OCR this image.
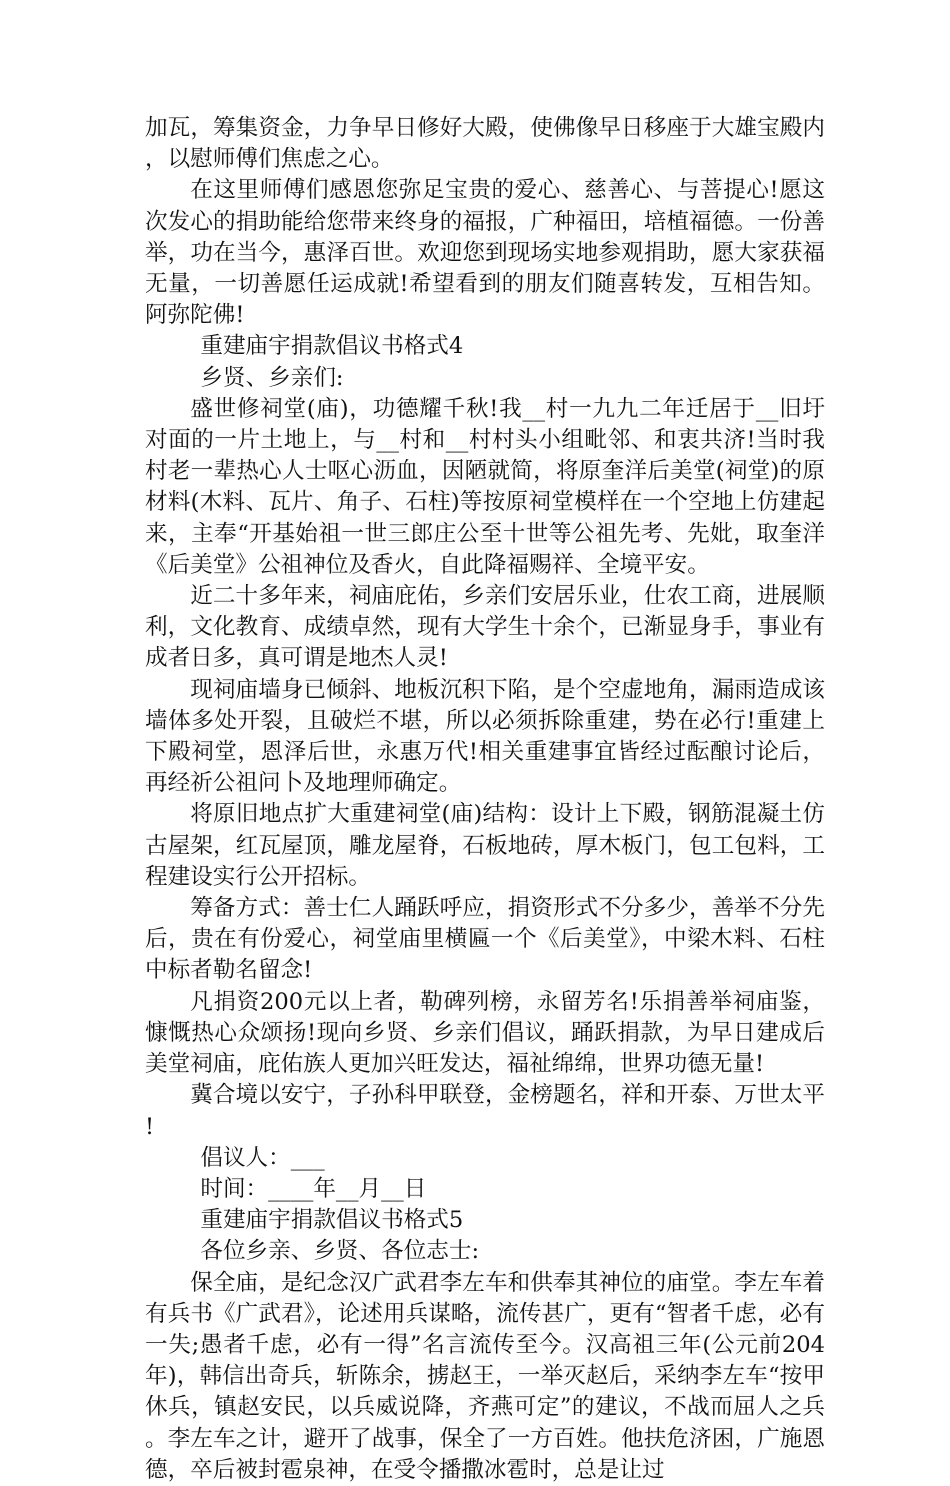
加瓦，筹集资金，力争早日修好大殿，使佛像早日移座于大雄宝殿内，以慰师傅们焦虑之心。

在这里师傅们感恩您弥足宝贵的爱心、慈善心、与菩提心!愿这次发心的捐助能给您带来终身的福报，广种福田，培植福德。一份善举，功在当今，惠泽百世。欢迎您到现场实地参观捐助，愿大家获福无量，一切善愿任运成就!希望看到的朋友们随喜转发，互相告知。阿弥陀佛!

重建庙宇捐款倡议书格式4

乡贤、乡亲们:

盛世修祠堂(庙)，功德耀千秋!我__村一九九二年迁居于__旧圩对面的一片土地上，与__村和__村村头小组毗邻、和衷共济!当时我村老一辈热心人士呕心沥血，因陋就简，将原奎洋后美堂(祠堂)的原材料(木料、瓦片、角子、石柱)等按原祠堂模样在一个空地上仿建起来，主奉“开基始祖一世三郎庄公至十世等公祖先考、先妣，取奎洋《后美堂》公祖神位及香火，自此降福赐祥、全境平安。

近二十多年来，祠庙庇佑，乡亲们安居乐业，仕农工商，进展顺利，文化教育、成绩卓然，现有大学生十余个，已渐显身手，事业有成者日多，真可谓是地杰人灵!

现祠庙墙身已倾斜、地板沉积下陷，是个空虚地角，漏雨造成该墙体多处开裂，且破烂不堪，所以必须拆除重建，势在必行!重建上下殿祠堂，恩泽后世，永惠万代!相关重建事宜皆经过酝酿讨论后，再经祈公祖问卜及地理师确定。

将原旧地点扩大重建祠堂(庙)结构：设计上下殿，钢筋混凝土仿古屋架，红瓦屋顶，雕龙屋脊，石板地砖，厚木板门，包工包料，工程建设实行公开招标。

筹备方式：善士仁人踊跃呼应，捐资形式不分多少，善举不分先后，贵在有份爱心，祠堂庙里横匾一个《后美堂》，中梁木料、石柱中标者勒名留念!

凡捐资200元以上者，勒碑列榜，永留芳名!乐捐善举祠庙鉴，慷慨热心众颂扬!现向乡贤、乡亲们倡议，踊跃捐款，为早日建成后美堂祠庙，庇佑族人更加兴旺发达，福祉绵绵，世界功德无量!

冀合境以安宁，子孙科甲联登，金榜题名，祥和开泰、万世太平!

倡议人：___

时间：____年__月__日

重建庙宇捐款倡议书格式5

各位乡亲、乡贤、各位志士:

保全庙，是纪念汉广武君李左车和供奉其神位的庙堂。李左车着有兵书《广武君》，论述用兵谋略，流传甚广，更有“智者千虑，必有一失;愚者千虑，必有一得”名言流传至今。汉高祖三年(公元前204年)，韩信出奇兵，斩陈余，掳赵王，一举灭赵后，采纳李左车“按甲休兵，镇赵安民，以兵威说降，齐燕可定”的建议，不战而屈人之兵。李左车之计，避开了战事，保全了一方百姓。他扶危济困，广施恩德，卒后被封雹泉神，在受令播撒冰雹时，总是让过
